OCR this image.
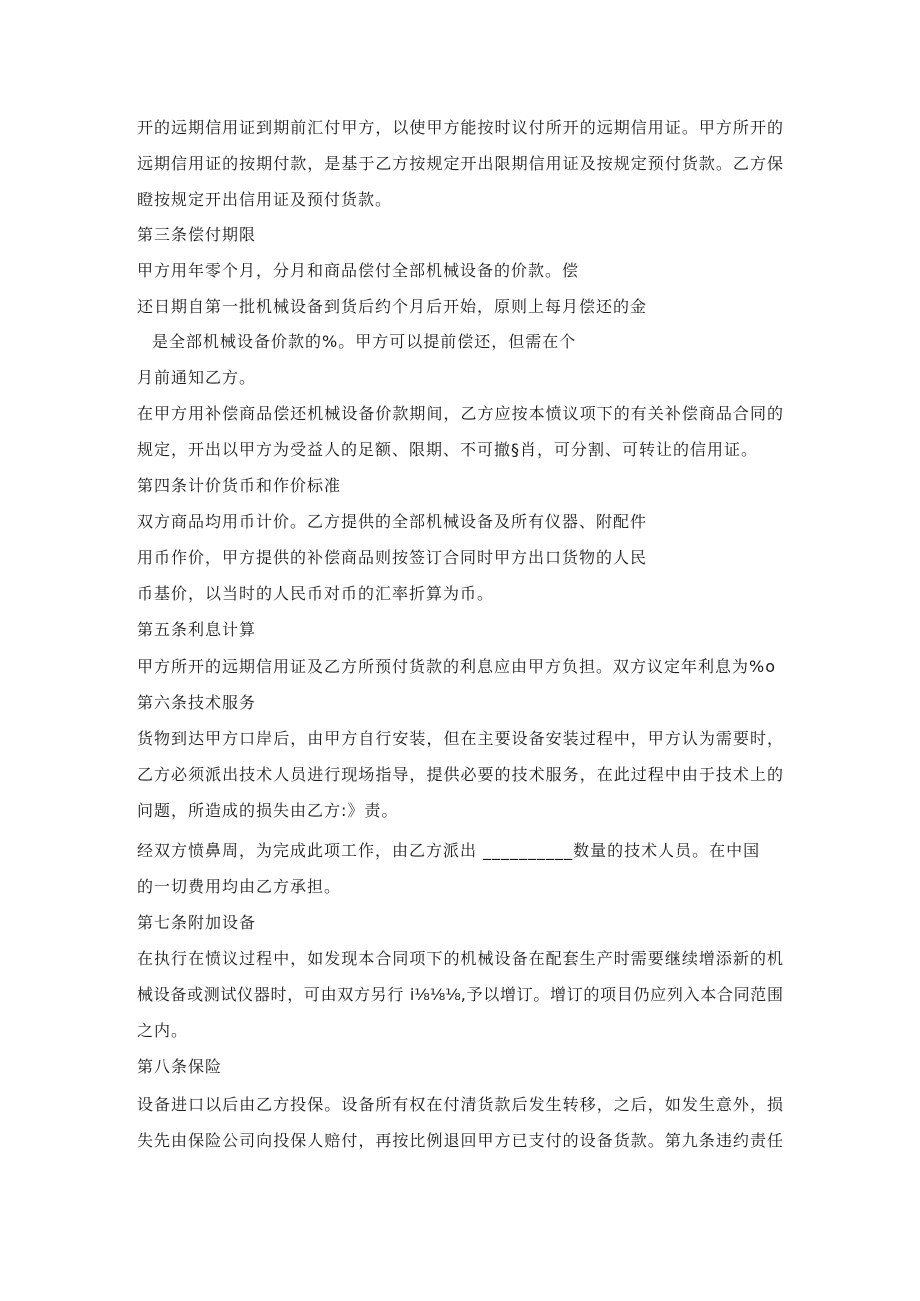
开的远期信用证到期前汇付甲方，以使甲方能按时议付所开的远期信用证。甲方所开的
远期信用证的按期付款，是基于乙方按规定开出限期信用证及按规定预付货款。乙方保
瞪按规定开出信用证及预付货款。
第三条偿付期限
甲方用年零个月，分月和商品偿付全部机械设备的价款。偿
还日期自第一批机械设备到货后约个月后开始，原则上每月偿还的金
是全部机械设备价款的%。甲方可以提前偿还，但需在个
月前通知乙方。
在甲方用补偿商品偿还机械设备价款期间，乙方应按本愤议项下的有关补偿商品合同的
规定，开出以甲方为受益人的足额、限期、不可撤§肖，可分割、可转让的信用证。
第四条计价货币和作价标准
双方商品均用币计价。乙方提供的全部机械设备及所有仪器、附配件
用币作价，甲方提供的补偿商品则按签订合同时甲方出口货物的人民
币基价，以当时的人民币对币的汇率折算为币。
第五条利息计算
甲方所开的远期信用证及乙方所预付货款的利息应由甲方负担。双方议定年利息为%o
第六条技术服务
货物到达甲方口岸后，由甲方自行安装，但在主要设备安装过程中，甲方认为需要时，
乙方必须派出技术人员进行现场指导，提供必要的技术服务，在此过程中由于技术上的
问题，所造成的损失由乙方:》责。
经双方愤鼻周，为完成此项工作，由乙方派出 __________数量的技术人员。在中国
的一切费用均由乙方承担。
第七条附加设备
在执行在愤议过程中，如发现本合同项下的机械设备在配套生产时需要继续增添新的机
械设备或测试仪器时，可由双方另行 i⅛⅛⅛,予以增订。增订的项目仍应列入本合同范围
之内。
第八条保险
设备进口以后由乙方投保。设备所有权在付清货款后发生转移，之后，如发生意外，损
失先由保险公司向投保人赔付，再按比例退回甲方已支付的设备货款。第九条违约责任
